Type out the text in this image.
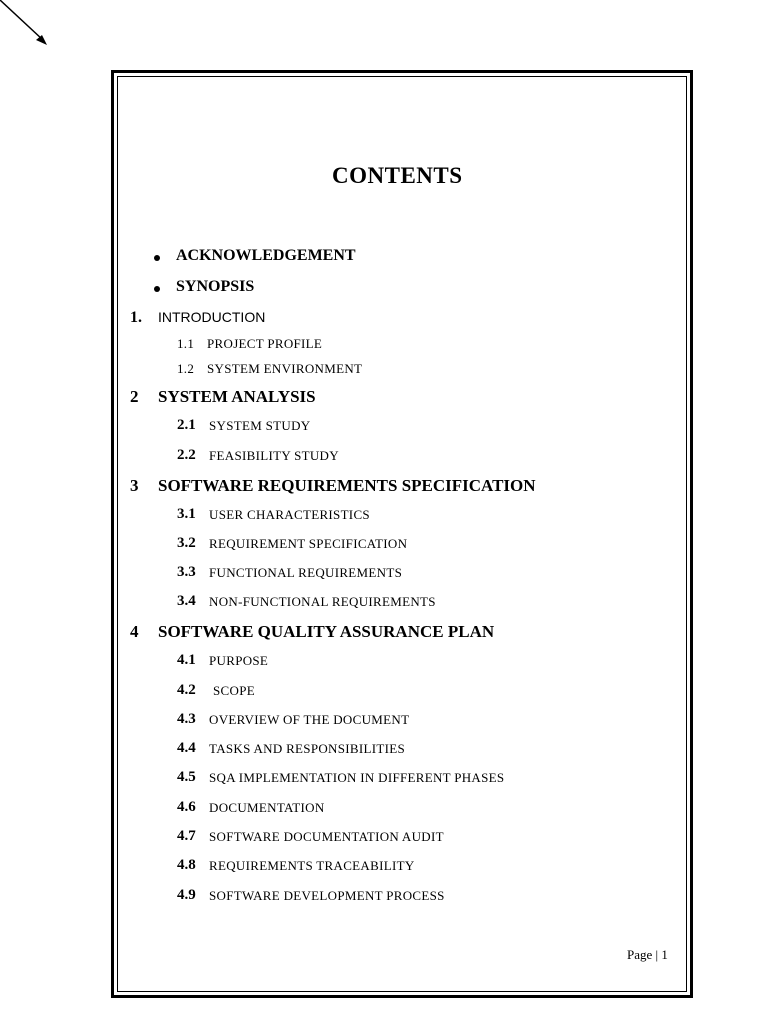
CONTENTS
ACKNOWLEDGEMENT
SYNOPSIS
1. INTRODUCTION
1.1 PROJECT PROFILE
1.2 SYSTEM ENVIRONMENT
2 SYSTEM ANALYSIS
2.1 SYSTEM STUDY
2.2 FEASIBILITY STUDY
3 SOFTWARE REQUIREMENTS SPECIFICATION
3.1 USER CHARACTERISTICS
3.2 REQUIREMENT SPECIFICATION
3.3 FUNCTIONAL REQUIREMENTS
3.4 NON-FUNCTIONAL REQUIREMENTS
4 SOFTWARE QUALITY ASSURANCE PLAN
4.1 PURPOSE
4.2 SCOPE
4.3 OVERVIEW OF THE DOCUMENT
4.4 TASKS AND RESPONSIBILITIES
4.5 SQA IMPLEMENTATION IN DIFFERENT PHASES
4.6 DOCUMENTATION
4.7 SOFTWARE DOCUMENTATION AUDIT
4.8 REQUIREMENTS TRACEABILITY
4.9 SOFTWARE DEVELOPMENT PROCESS
Page | 1
